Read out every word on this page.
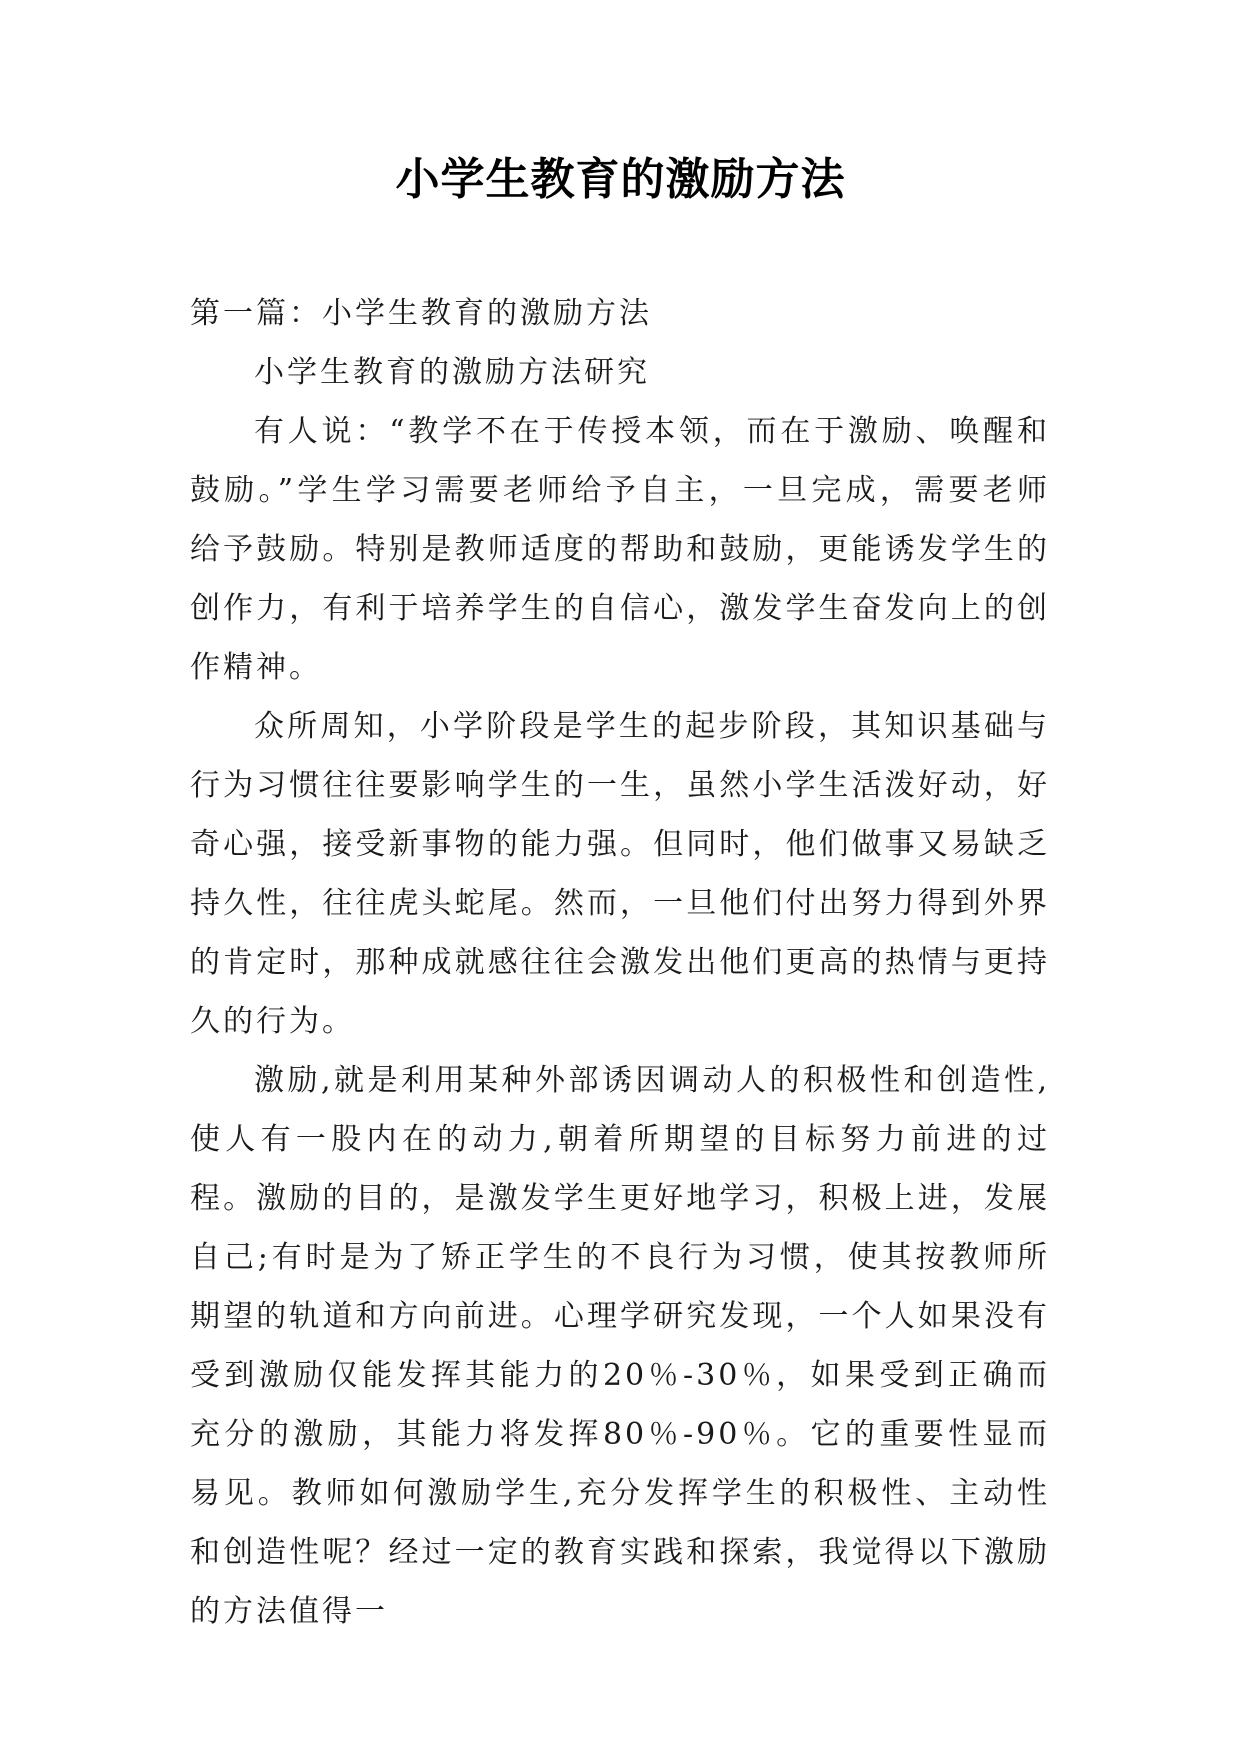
小学生教育的激励方法

第一篇：小学生教育的激励方法

小学生教育的激励方法研究

有人说：“教学不在于传授本领，而在于激励、唤醒和鼓励。”学生学习需要老师给予自主，一旦完成，需要老师给予鼓励。特别是教师适度的帮助和鼓励，更能诱发学生的创作力，有利于培养学生的自信心，激发学生奋发向上的创作精神。

众所周知，小学阶段是学生的起步阶段，其知识基础与行为习惯往往要影响学生的一生，虽然小学生活泼好动，好奇心强，接受新事物的能力强。但同时，他们做事又易缺乏持久性，往往虎头蛇尾。然而，一旦他们付出努力得到外界的肯定时，那种成就感往往会激发出他们更高的热情与更持久的行为。

激励,就是利用某种外部诱因调动人的积极性和创造性,使人有一股内在的动力,朝着所期望的目标努力前进的过程。激励的目的，是激发学生更好地学习，积极上进，发展自己;有时是为了矫正学生的不良行为习惯，使其按教师所期望的轨道和方向前进。心理学研究发现，一个人如果没有受到激励仅能发挥其能力的20％-30％，如果受到正确而充分的激励，其能力将发挥80％-90％。它的重要性显而易见。教师如何激励学生,充分发挥学生的积极性、主动性和创造性呢？经过一定的教育实践和探索，我觉得以下激励的方法值得一
